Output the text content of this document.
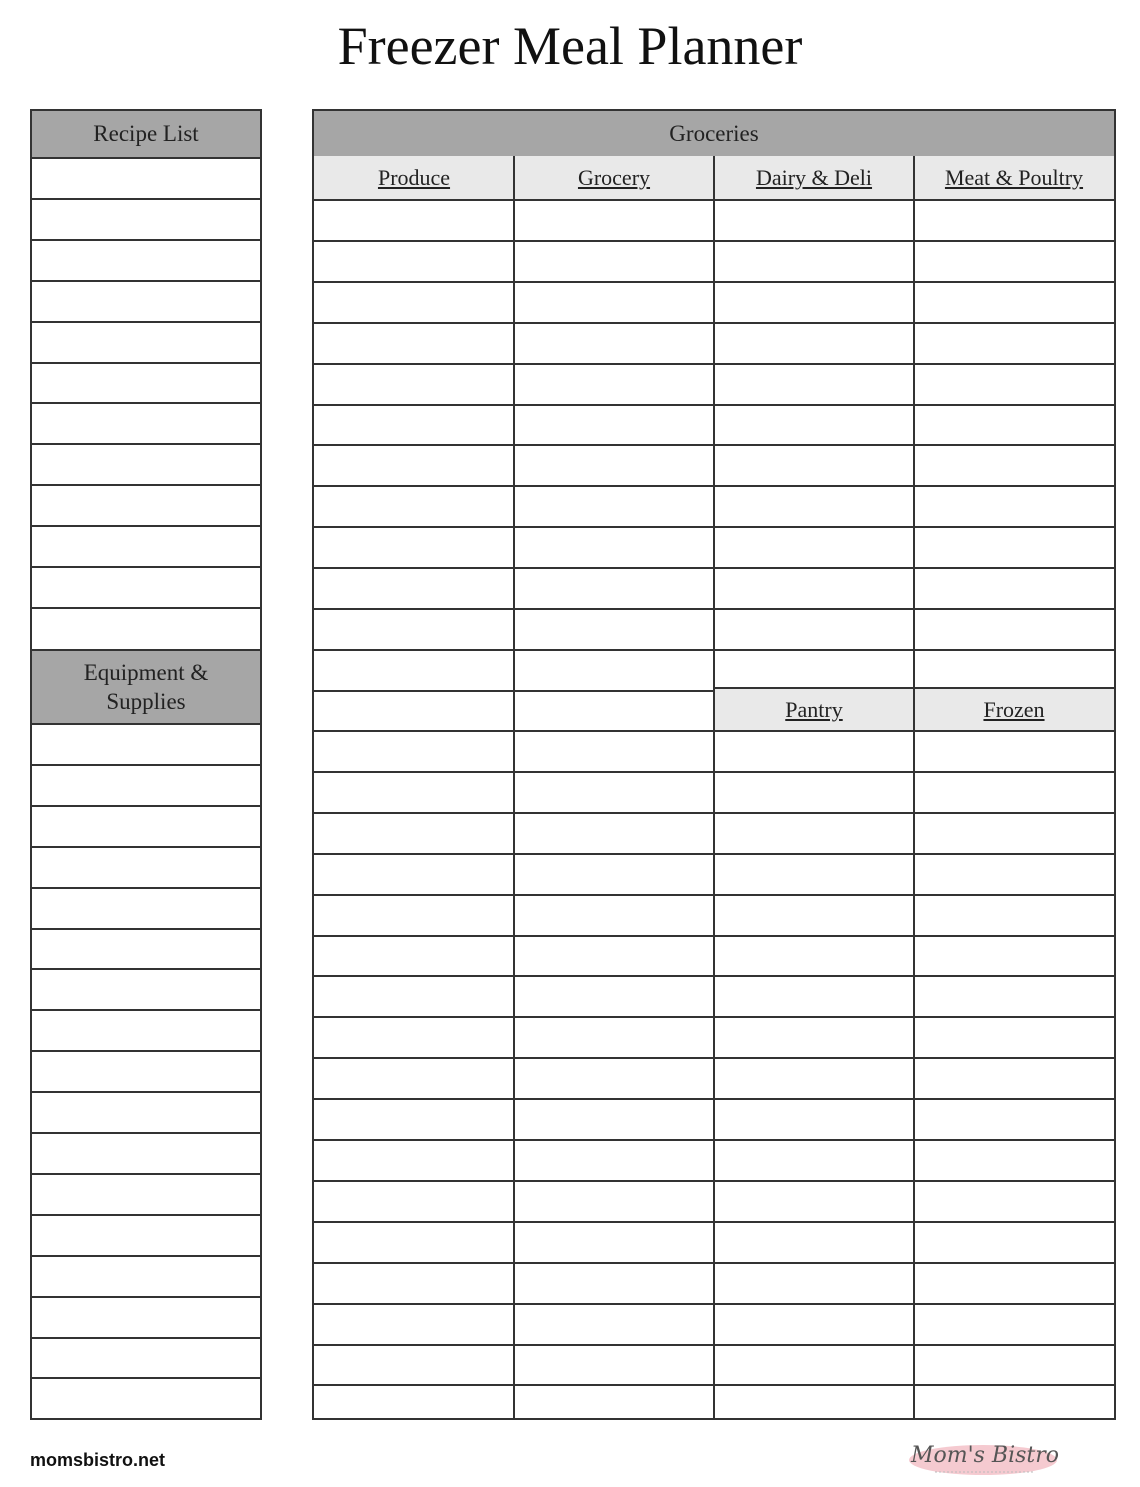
Freezer Meal Planner
Recipe List
Equipment & Supplies
Groceries
Produce	Grocery	Dairy & Deli	Meat & Poultry
Pantry	Frozen
momsbistro.net	Mom's Bistro
